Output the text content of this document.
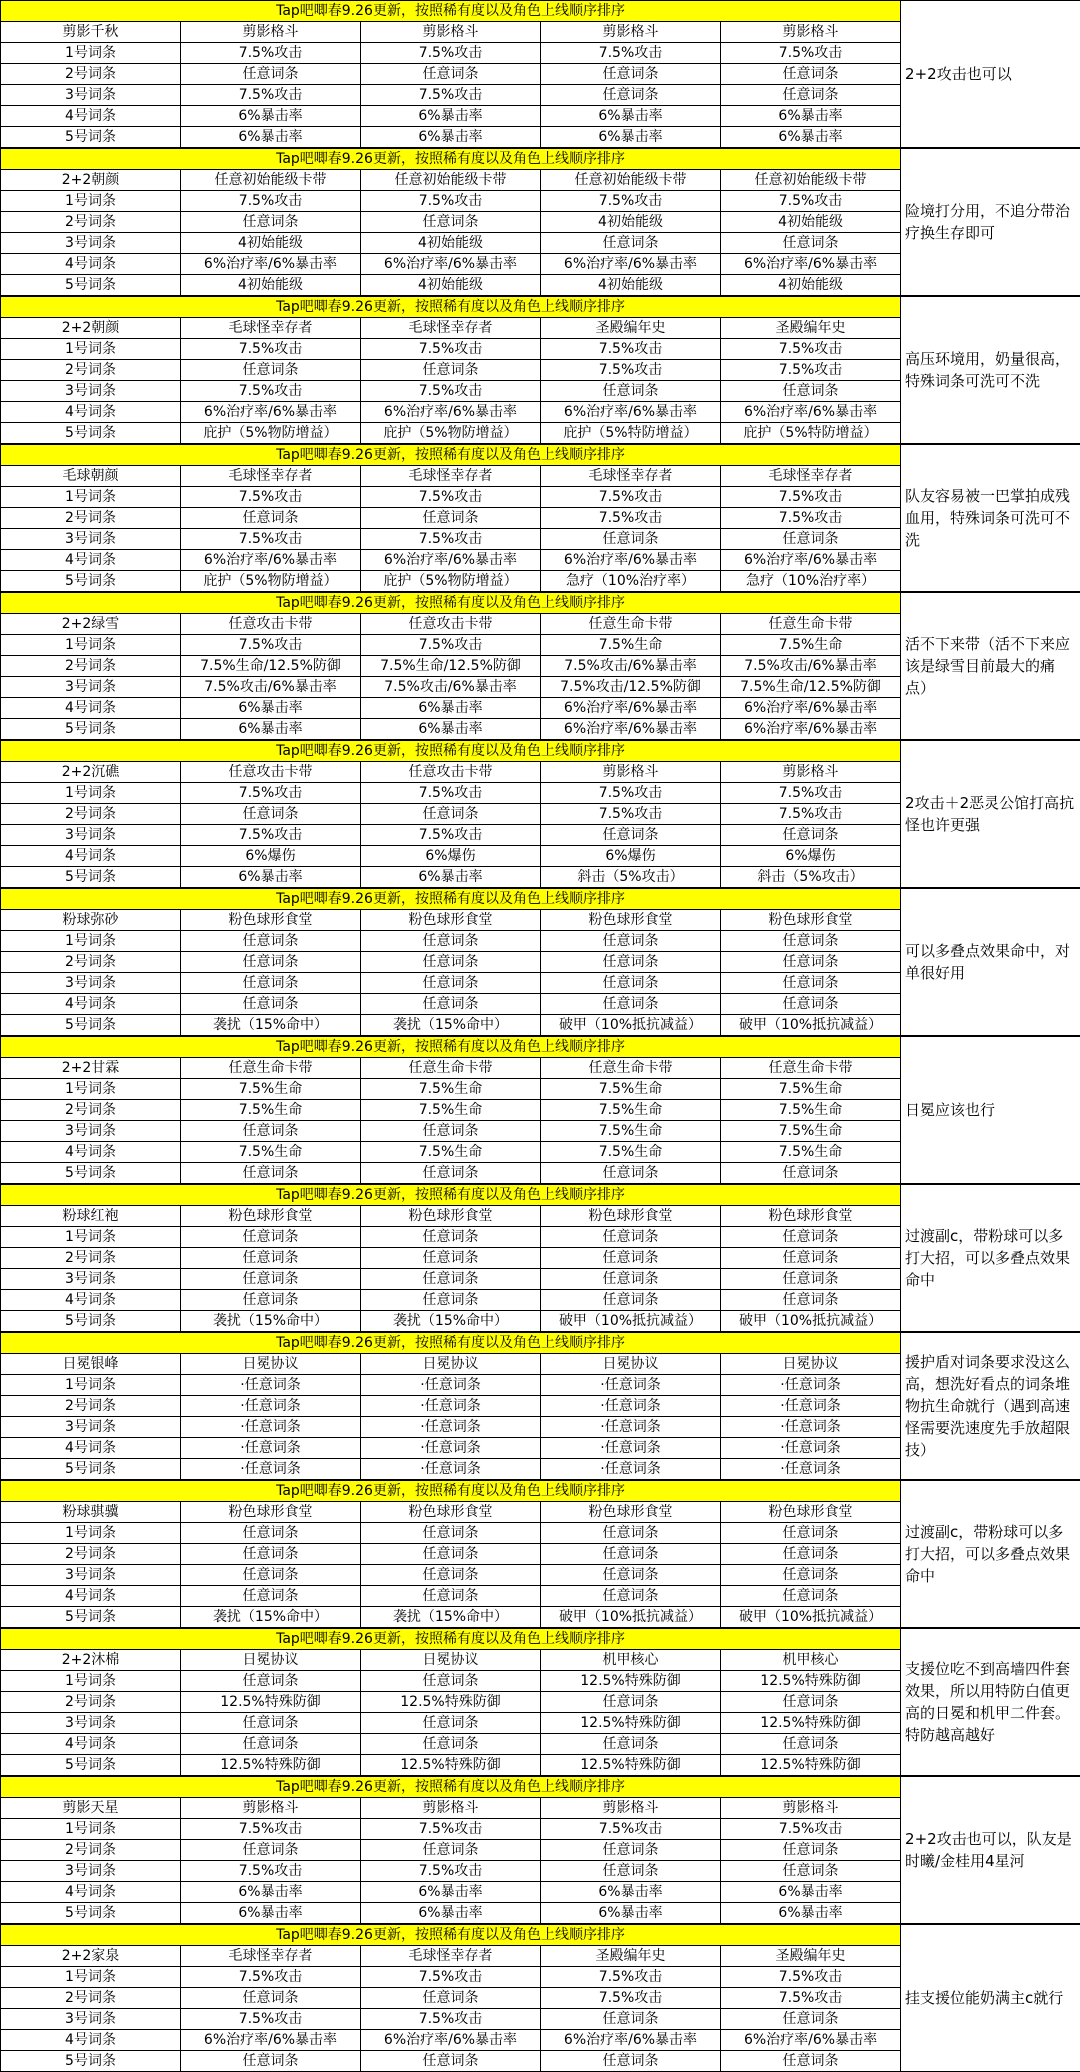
Tap吧唧春9.26更新，按照稀有度以及角色上线顺序排序					2+2攻击也可以
剪影千秋	剪影格斗	剪影格斗	剪影格斗	剪影格斗	
1号词条	7.5%攻击	7.5%攻击	7.5%攻击	7.5%攻击	
2号词条	任意词条	任意词条	任意词条	任意词条	
3号词条	7.5%攻击	7.5%攻击	任意词条	任意词条	
4号词条	6%暴击率	6%暴击率	6%暴击率	6%暴击率	
5号词条	6%暴击率	6%暴击率	6%暴击率	6%暴击率	
Tap吧唧春9.26更新，按照稀有度以及角色上线顺序排序					险境打分用，不追分带治疗换生存即可
2+2朝颜	任意初始能级卡带	任意初始能级卡带	任意初始能级卡带	任意初始能级卡带	
1号词条	7.5%攻击	7.5%攻击	7.5%攻击	7.5%攻击	
2号词条	任意词条	任意词条	4初始能级	4初始能级	
3号词条	4初始能级	4初始能级	任意词条	任意词条	
4号词条	6%治疗率/6%暴击率	6%治疗率/6%暴击率	6%治疗率/6%暴击率	6%治疗率/6%暴击率	
5号词条	4初始能级	4初始能级	4初始能级	4初始能级	
Tap吧唧春9.26更新，按照稀有度以及角色上线顺序排序					高压环境用，奶量很高，特殊词条可洗可不洗
2+2朝颜	毛球怪幸存者	毛球怪幸存者	圣殿编年史	圣殿编年史	
1号词条	7.5%攻击	7.5%攻击	7.5%攻击	7.5%攻击	
2号词条	任意词条	任意词条	7.5%攻击	7.5%攻击	
3号词条	7.5%攻击	7.5%攻击	任意词条	任意词条	
4号词条	6%治疗率/6%暴击率	6%治疗率/6%暴击率	6%治疗率/6%暴击率	6%治疗率/6%暴击率	
5号词条	庇护（5%物防增益）	庇护（5%物防增益）	庇护（5%特防增益）	庇护（5%特防增益）	
Tap吧唧春9.26更新，按照稀有度以及角色上线顺序排序					队友容易被一巴掌拍成残血用，特殊词条可洗可不洗
毛球朝颜	毛球怪幸存者	毛球怪幸存者	毛球怪幸存者	毛球怪幸存者	
1号词条	7.5%攻击	7.5%攻击	7.5%攻击	7.5%攻击	
2号词条	任意词条	任意词条	7.5%攻击	7.5%攻击	
3号词条	7.5%攻击	7.5%攻击	任意词条	任意词条	
4号词条	6%治疗率/6%暴击率	6%治疗率/6%暴击率	6%治疗率/6%暴击率	6%治疗率/6%暴击率	
5号词条	庇护（5%物防增益）	庇护（5%物防增益）	急疗（10%治疗率）	急疗（10%治疗率）	
Tap吧唧春9.26更新，按照稀有度以及角色上线顺序排序					活不下来带（活不下来应该是绿雪目前最大的痛点）
2+2绿雪	任意攻击卡带	任意攻击卡带	任意生命卡带	任意生命卡带	
1号词条	7.5%攻击	7.5%攻击	7.5%生命	7.5%生命	
2号词条	7.5%生命/12.5%防御	7.5%生命/12.5%防御	7.5%攻击/6%暴击率	7.5%攻击/6%暴击率	
3号词条	7.5%攻击/6%暴击率	7.5%攻击/6%暴击率	7.5%攻击/12.5%防御	7.5%生命/12.5%防御	
4号词条	6%暴击率	6%暴击率	6%治疗率/6%暴击率	6%治疗率/6%暴击率	
5号词条	6%暴击率	6%暴击率	6%治疗率/6%暴击率	6%治疗率/6%暴击率	
Tap吧唧春9.26更新，按照稀有度以及角色上线顺序排序					2攻击＋2恶灵公馆打高抗怪也许更强
2+2沉礁	任意攻击卡带	任意攻击卡带	剪影格斗	剪影格斗	
1号词条	7.5%攻击	7.5%攻击	7.5%攻击	7.5%攻击	
2号词条	任意词条	任意词条	7.5%攻击	7.5%攻击	
3号词条	7.5%攻击	7.5%攻击	任意词条	任意词条	
4号词条	6%爆伤	6%爆伤	6%爆伤	6%爆伤	
5号词条	6%暴击率	6%暴击率	斜击（5%攻击）	斜击（5%攻击）	
Tap吧唧春9.26更新，按照稀有度以及角色上线顺序排序					可以多叠点效果命中，对单很好用
粉球弥砂	粉色球形食堂	粉色球形食堂	粉色球形食堂	粉色球形食堂	
1号词条	任意词条	任意词条	任意词条	任意词条	
2号词条	任意词条	任意词条	任意词条	任意词条	
3号词条	任意词条	任意词条	任意词条	任意词条	
4号词条	任意词条	任意词条	任意词条	任意词条	
5号词条	袭扰（15%命中）	袭扰（15%命中）	破甲（10%抵抗减益）	破甲（10%抵抗减益）	
Tap吧唧春9.26更新，按照稀有度以及角色上线顺序排序					日冕应该也行
2+2甘霖	任意生命卡带	任意生命卡带	任意生命卡带	任意生命卡带	
1号词条	7.5%生命	7.5%生命	7.5%生命	7.5%生命	
2号词条	7.5%生命	7.5%生命	7.5%生命	7.5%生命	
3号词条	任意词条	任意词条	7.5%生命	7.5%生命	
4号词条	7.5%生命	7.5%生命	7.5%生命	7.5%生命	
5号词条	任意词条	任意词条	任意词条	任意词条	
Tap吧唧春9.26更新，按照稀有度以及角色上线顺序排序					过渡副c，带粉球可以多打大招，可以多叠点效果命中
粉球红袍	粉色球形食堂	粉色球形食堂	粉色球形食堂	粉色球形食堂	
1号词条	任意词条	任意词条	任意词条	任意词条	
2号词条	任意词条	任意词条	任意词条	任意词条	
3号词条	任意词条	任意词条	任意词条	任意词条	
4号词条	任意词条	任意词条	任意词条	任意词条	
5号词条	袭扰（15%命中）	袭扰（15%命中）	破甲（10%抵抗减益）	破甲（10%抵抗减益）	
Tap吧唧春9.26更新，按照稀有度以及角色上线顺序排序					援护盾对词条要求没这么高，想洗好看点的词条堆物抗生命就行（遇到高速怪需要洗速度先手放超限技）
日冕银峰	日冕协议	日冕协议	日冕协议	日冕协议	
1号词条	·任意词条	·任意词条	·任意词条	·任意词条	
2号词条	·任意词条	·任意词条	·任意词条	·任意词条	
3号词条	·任意词条	·任意词条	·任意词条	·任意词条	
4号词条	·任意词条	·任意词条	·任意词条	·任意词条	
5号词条	·任意词条	·任意词条	·任意词条	·任意词条	
Tap吧唧春9.26更新，按照稀有度以及角色上线顺序排序					过渡副c，带粉球可以多打大招，可以多叠点效果命中
粉球骐骥	粉色球形食堂	粉色球形食堂	粉色球形食堂	粉色球形食堂	
1号词条	任意词条	任意词条	任意词条	任意词条	
2号词条	任意词条	任意词条	任意词条	任意词条	
3号词条	任意词条	任意词条	任意词条	任意词条	
4号词条	任意词条	任意词条	任意词条	任意词条	
5号词条	袭扰（15%命中）	袭扰（15%命中）	破甲（10%抵抗减益）	破甲（10%抵抗减益）	
Tap吧唧春9.26更新，按照稀有度以及角色上线顺序排序					支援位吃不到高墙四件套效果，所以用特防白值更高的日冕和机甲二件套。特防越高越好
2+2沐棉	日冕协议	日冕协议	机甲核心	机甲核心	
1号词条	任意词条	任意词条	12.5%特殊防御	12.5%特殊防御	
2号词条	12.5%特殊防御	12.5%特殊防御	任意词条	任意词条	
3号词条	任意词条	任意词条	12.5%特殊防御	12.5%特殊防御	
4号词条	任意词条	任意词条	任意词条	任意词条	
5号词条	12.5%特殊防御	12.5%特殊防御	12.5%特殊防御	12.5%特殊防御	
Tap吧唧春9.26更新，按照稀有度以及角色上线顺序排序					2+2攻击也可以，队友是时曦/金桂用4星河
剪影天星	剪影格斗	剪影格斗	剪影格斗	剪影格斗	
1号词条	7.5%攻击	7.5%攻击	7.5%攻击	7.5%攻击	
2号词条	任意词条	任意词条	任意词条	任意词条	
3号词条	7.5%攻击	7.5%攻击	任意词条	任意词条	
4号词条	6%暴击率	6%暴击率	6%暴击率	6%暴击率	
5号词条	6%暴击率	6%暴击率	6%暴击率	6%暴击率	
Tap吧唧春9.26更新，按照稀有度以及角色上线顺序排序					挂支援位能奶满主c就行
2+2家泉	毛球怪幸存者	毛球怪幸存者	圣殿编年史	圣殿编年史	
1号词条	7.5%攻击	7.5%攻击	7.5%攻击	7.5%攻击	
2号词条	任意词条	任意词条	7.5%攻击	7.5%攻击	
3号词条	7.5%攻击	7.5%攻击	任意词条	任意词条	
4号词条	6%治疗率/6%暴击率	6%治疗率/6%暴击率	6%治疗率/6%暴击率	6%治疗率/6%暴击率	
5号词条	任意词条	任意词条	任意词条	任意词条	
